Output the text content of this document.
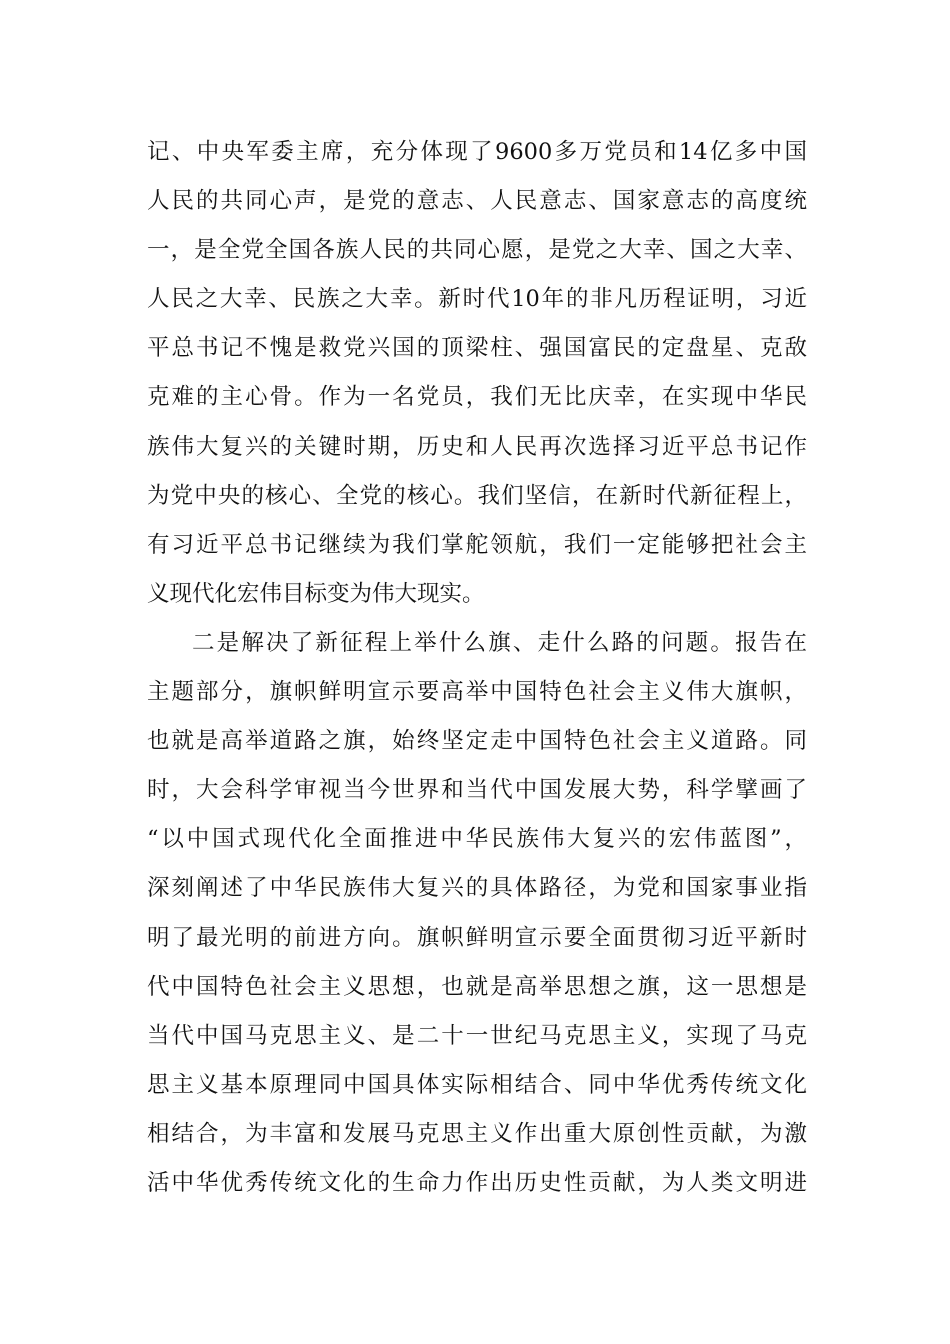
记、中央军委主席，充分体现了9600多万党员和14亿多中国
人民的共同心声，是党的意志、人民意志、国家意志的高度统
一，是全党全国各族人民的共同心愿，是党之大幸、国之大幸、
人民之大幸、民族之大幸。新时代10年的非凡历程证明，习近
平总书记不愧是救党兴国的顶梁柱、强国富民的定盘星、克敌
克难的主心骨。作为一名党员，我们无比庆幸，在实现中华民
族伟大复兴的关键时期，历史和人民再次选择习近平总书记作
为党中央的核心、全党的核心。我们坚信，在新时代新征程上，
有习近平总书记继续为我们掌舵领航，我们一定能够把社会主
义现代化宏伟目标变为伟大现实。
二是解决了新征程上举什么旗、走什么路的问题。报告在
主题部分，旗帜鲜明宣示要高举中国特色社会主义伟大旗帜，
也就是高举道路之旗，始终坚定走中国特色社会主义道路。同
时，大会科学审视当今世界和当代中国发展大势，科学擘画了
“以中国式现代化全面推进中华民族伟大复兴的宏伟蓝图”，
深刻阐述了中华民族伟大复兴的具体路径，为党和国家事业指
明了最光明的前进方向。旗帜鲜明宣示要全面贯彻习近平新时
代中国特色社会主义思想，也就是高举思想之旗，这一思想是
当代中国马克思主义、是二十一世纪马克思主义，实现了马克
思主义基本原理同中国具体实际相结合、同中华优秀传统文化
相结合，为丰富和发展马克思主义作出重大原创性贡献，为激
活中华优秀传统文化的生命力作出历史性贡献，为人类文明进
